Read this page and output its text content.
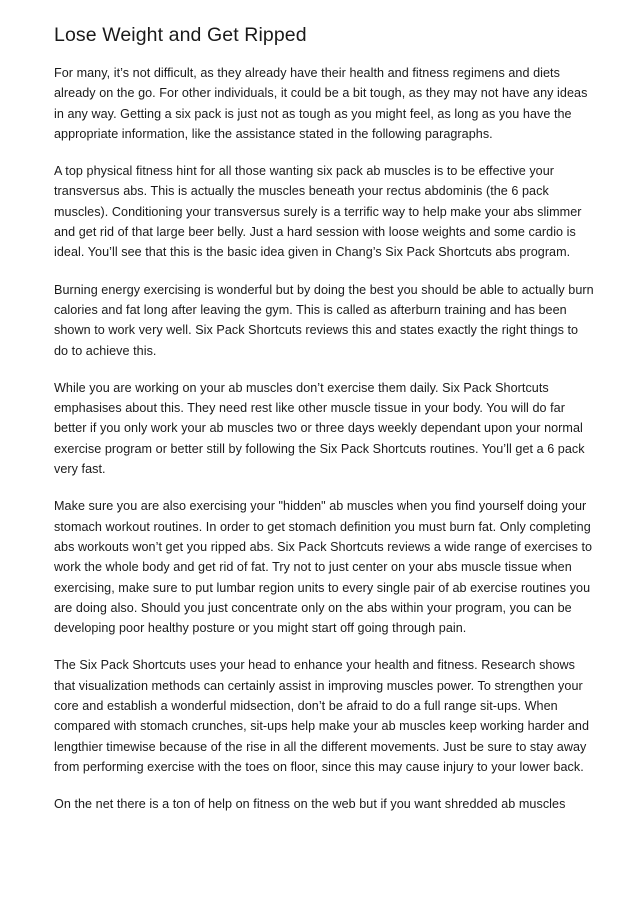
Lose Weight and Get Ripped

For many, it’s not difficult, as they already have their health and fitness regimens and diets already on the go. For other individuals, it could be a bit tough, as they may not have any ideas in any way. Getting a six pack is just not as tough as you might feel, as long as you have the appropriate information, like the assistance stated in the following paragraphs.

A top physical fitness hint for all those wanting six pack ab muscles is to be effective your transversus abs. This is actually the muscles beneath your rectus abdominis (the 6 pack muscles). Conditioning your transversus surely is a terrific way to help make your abs slimmer and get rid of that large beer belly. Just a hard session with loose weights and some cardio is ideal. You’ll see that this is the basic idea given in Chang’s Six Pack Shortcuts abs program.

Burning energy exercising is wonderful but by doing the best you should be able to actually burn calories and fat long after leaving the gym. This is called as afterburn training and has been shown to work very well. Six Pack Shortcuts reviews this and states exactly the right things to do to achieve this.

While you are working on your ab muscles don’t exercise them daily. Six Pack Shortcuts emphasises about this. They need rest like other muscle tissue in your body. You will do far better if you only work your ab muscles two or three days weekly dependant upon your normal exercise program or better still by following the Six Pack Shortcuts routines. You’ll get a 6 pack very fast.

Make sure you are also exercising your "hidden" ab muscles when you find yourself doing your stomach workout routines. In order to get stomach definition you must burn fat. Only completing abs workouts won’t get you ripped abs. Six Pack Shortcuts reviews a wide range of exercises to work the whole body and get rid of fat. Try not to just center on your abs muscle tissue when exercising, make sure to put lumbar region units to every single pair of ab exercise routines you are doing also. Should you just concentrate only on the abs within your program, you can be developing poor healthy posture or you might start off going through pain.

The Six Pack Shortcuts uses your head to enhance your health and fitness. Research shows that visualization methods can certainly assist in improving muscles power. To strengthen your core and establish a wonderful midsection, don’t be afraid to do a full range sit-ups. When compared with stomach crunches, sit-ups help make your ab muscles keep working harder and lengthier timewise because of the rise in all the different movements. Just be sure to stay away from performing exercise with the toes on floor, since this may cause injury to your lower back.

On the net there is a ton of help on fitness on the web but if you want shredded ab muscles
